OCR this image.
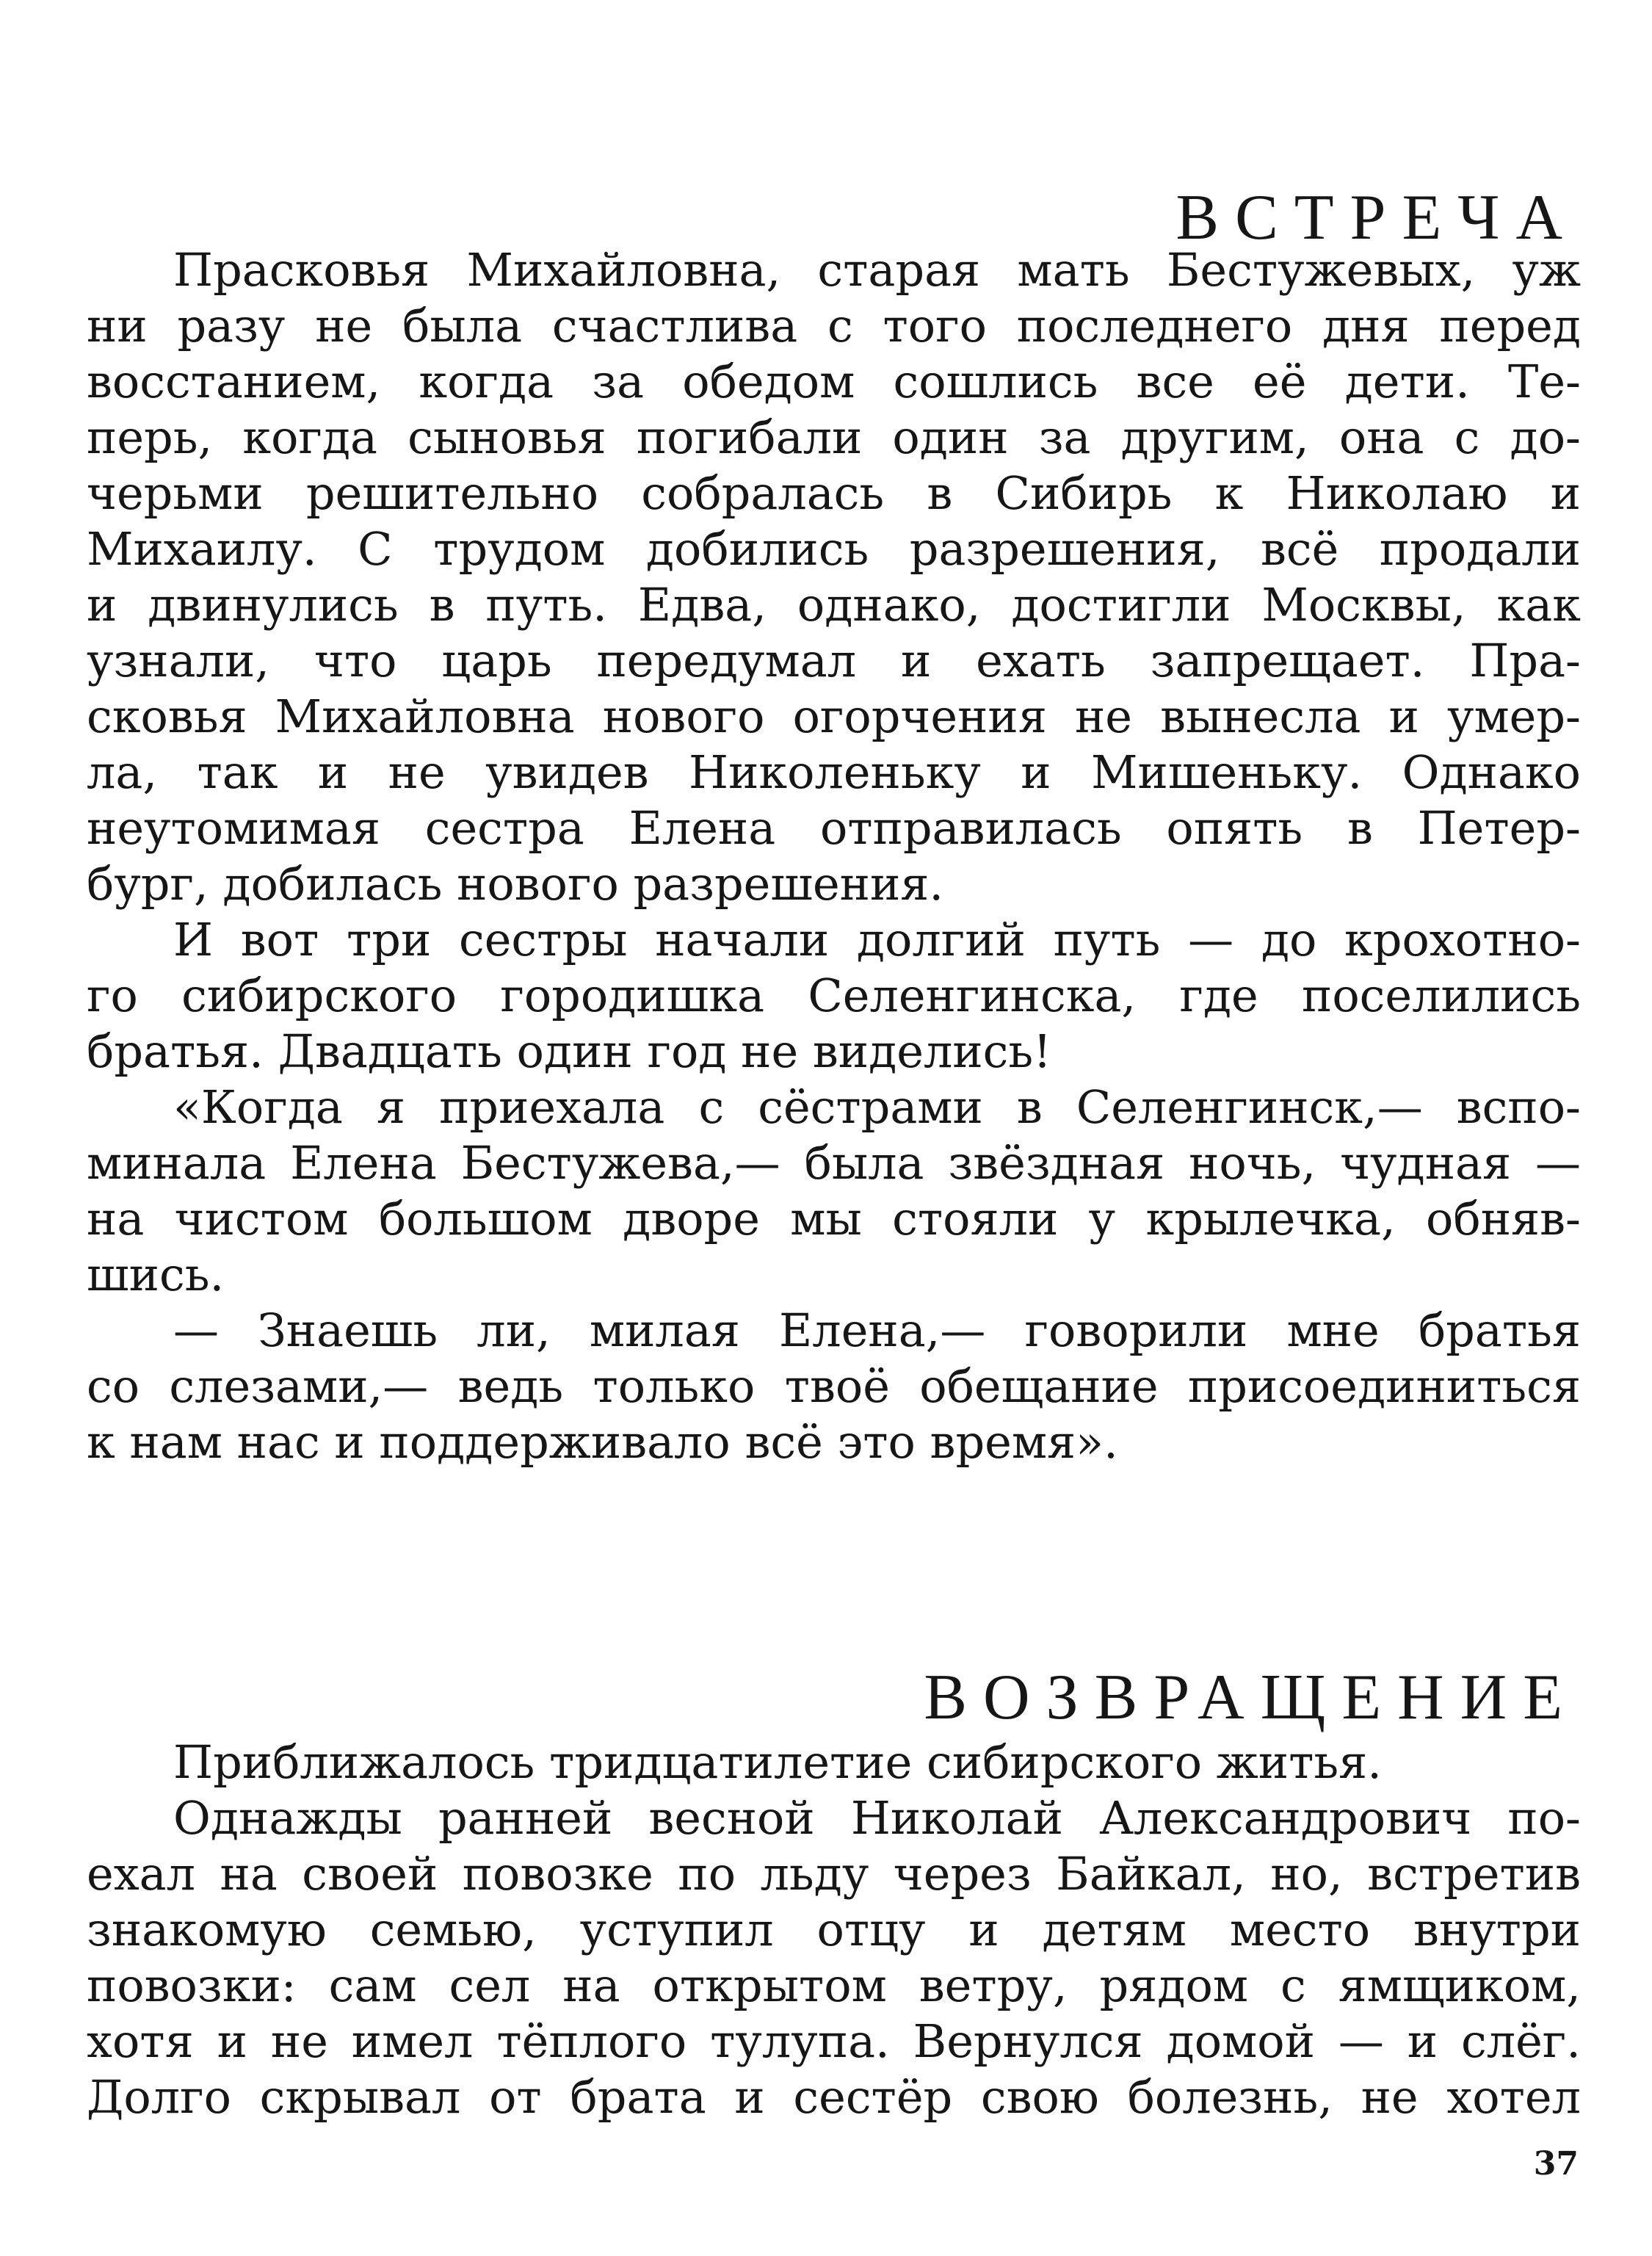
ВСТРЕЧА
Прасковья Михайловна, старая мать Бестужевых, уж
ни разу не была счастлива с того последнего дня перед
восстанием, когда за обедом сошлись все её дети. Те-
перь, когда сыновья погибали один за другим, она с до-
черьми решительно собралась в Сибирь к Николаю и
Михаилу. С трудом добились разрешения, всё продали
и двинулись в путь. Едва, однако, достигли Москвы, как
узнали, что царь передумал и ехать запрещает. Пра-
сковья Михайловна нового огорчения не вынесла и умер-
ла, так и не увидев Николеньку и Мишеньку. Однако
неутомимая сестра Елена отправилась опять в Петер-
бург, добилась нового разрешения.
И вот три сестры начали долгий путь — до крохотно-
го сибирского городишка Селенгинска, где поселились
братья. Двадцать один год не виделись!
«Когда я приехала с сёстрами в Селенгинск,— вспо-
минала Елена Бестужева,— была звёздная ночь, чудная —
на чистом большом дворе мы стояли у крылечка, обняв-
шись.
— Знаешь ли, милая Елена,— говорили мне братья
со слезами,— ведь только твоё обещание присоединиться
к нам нас и поддерживало всё это время».
ВОЗВРАЩЕНИЕ
Приближалось тридцатилетие сибирского житья.
Однажды ранней весной Николай Александрович по-
ехал на своей повозке по льду через Байкал, но, встретив
знакомую семью, уступил отцу и детям место внутри
повозки: сам сел на открытом ветру, рядом с ямщиком,
хотя и не имел тёплого тулупа. Вернулся домой — и слёг.
Долго скрывал от брата и сестёр свою болезнь, не хотел
37
